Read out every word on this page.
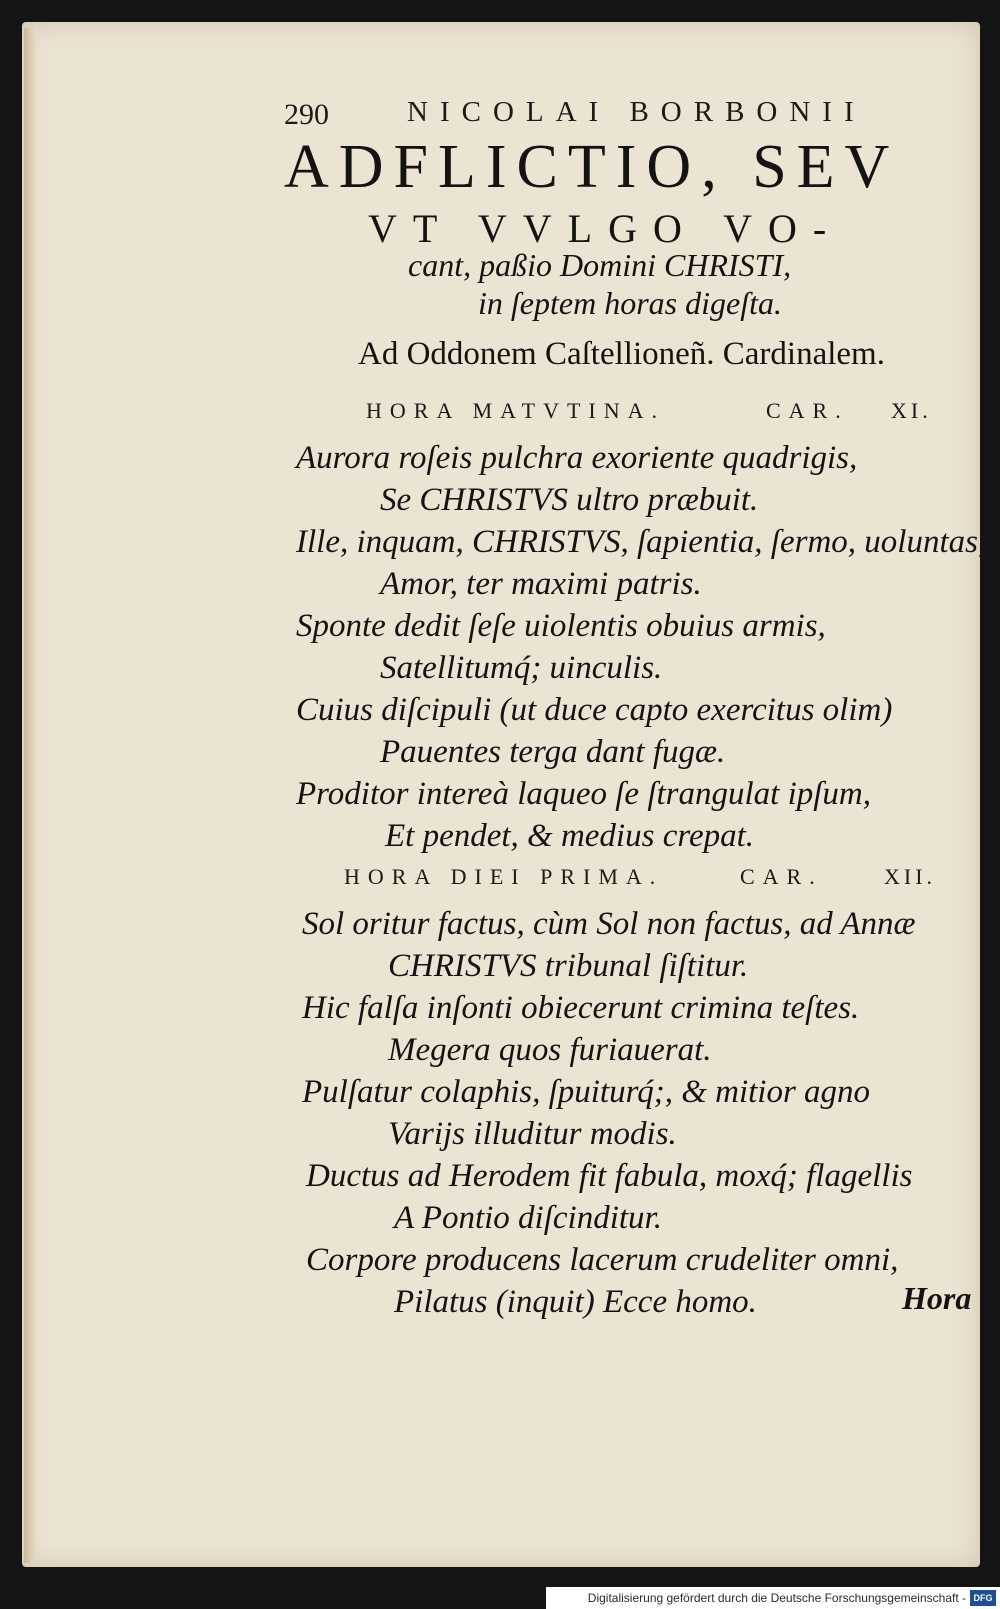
290	NICOLAI BORBONII
ADFLICTIO, SEV
VT VVLGO VO-
cant, paßio Domini CHRISTI,
in ſeptem horas digeſta.
Ad Oddonem Caſtellioneñ. Cardinalem.
HORA MATVTINA.	CAR. XI.
Aurora roſeis pulchra exoriente quadrigis,
Se CHRISTVS ultro præbuit.
Ille, inquam, CHRISTVS, ſapientia, ſermo, uoluntas,
Amor, ter maximi patris.
Sponte dedit ſeſe uiolentis obuius armis,
Satellitumq́; uinculis.
Cuius diſcipuli (ut duce capto exercitus olim)
Pauentes terga dant fugæ.
Proditor intereà laqueo ſe ſtrangulat ipſum,
Et pendet, & medius crepat.
HORA DIEI PRIMA.	CAR.	XII.
Sol oritur factus, cùm Sol non factus, ad Annæ
CHRISTVS tribunal ſiſtitur.
Hic falſa inſonti obiecerunt crimina teſtes.
Megera quos furiauerat.
Pulſatur colaphis, ſpuiturq́;, & mitior agno
Varijs illuditur modis.
Ductus ad Herodem fit fabula, moxq́; flagellis
A Pontio diſcinditur.
Corpore producens lacerum crudeliter omni,
Pilatus (inquit) Ecce homo.	Hora
Digitalisierung gefördert durch die Deutsche Forschungsgemeinschaft - DFG
